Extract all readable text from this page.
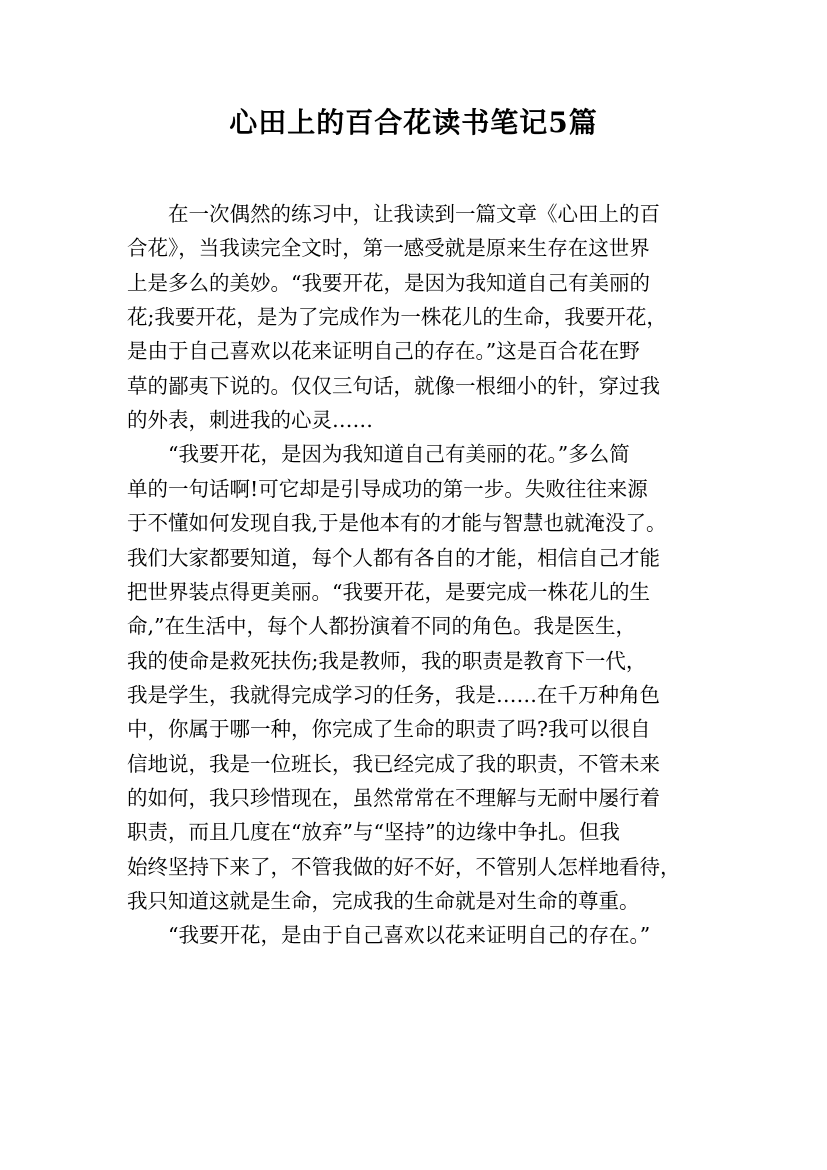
心田上的百合花读书笔记5篇

在一次偶然的练习中，让我读到一篇文章《心田上的百

合花》，当我读完全文时，第一感受就是原来生存在这世界

上是多么的美妙。“我要开花，是因为我知道自己有美丽的

花;我要开花，是为了完成作为一株花儿的生命，我要开花，

是由于自己喜欢以花来证明自己的存在。”这是百合花在野

草的鄙夷下说的。仅仅三句话，就像一根细小的针，穿过我

的外表，刺进我的心灵……

“我要开花，是因为我知道自己有美丽的花。”多么简

单的一句话啊!可它却是引导成功的第一步。失败往往来源

于不懂如何发现自我,于是他本有的才能与智慧也就淹没了。

我们大家都要知道，每个人都有各自的才能，相信自己才能

把世界装点得更美丽。“我要开花，是要完成一株花儿的生

命,”在生活中，每个人都扮演着不同的角色。我是医生，

我的使命是救死扶伤;我是教师，我的职责是教育下一代，

我是学生，我就得完成学习的任务，我是……在千万种角色

中，你属于哪一种，你完成了生命的职责了吗?我可以很自

信地说，我是一位班长，我已经完成了我的职责，不管未来

的如何，我只珍惜现在，虽然常常在不理解与无耐中屡行着

职责，而且几度在“放弃”与“坚持”的边缘中争扎。但我

始终坚持下来了，不管我做的好不好，不管别人怎样地看待，

我只知道这就是生命，完成我的生命就是对生命的尊重。

“我要开花，是由于自己喜欢以花来证明自己的存在。”
